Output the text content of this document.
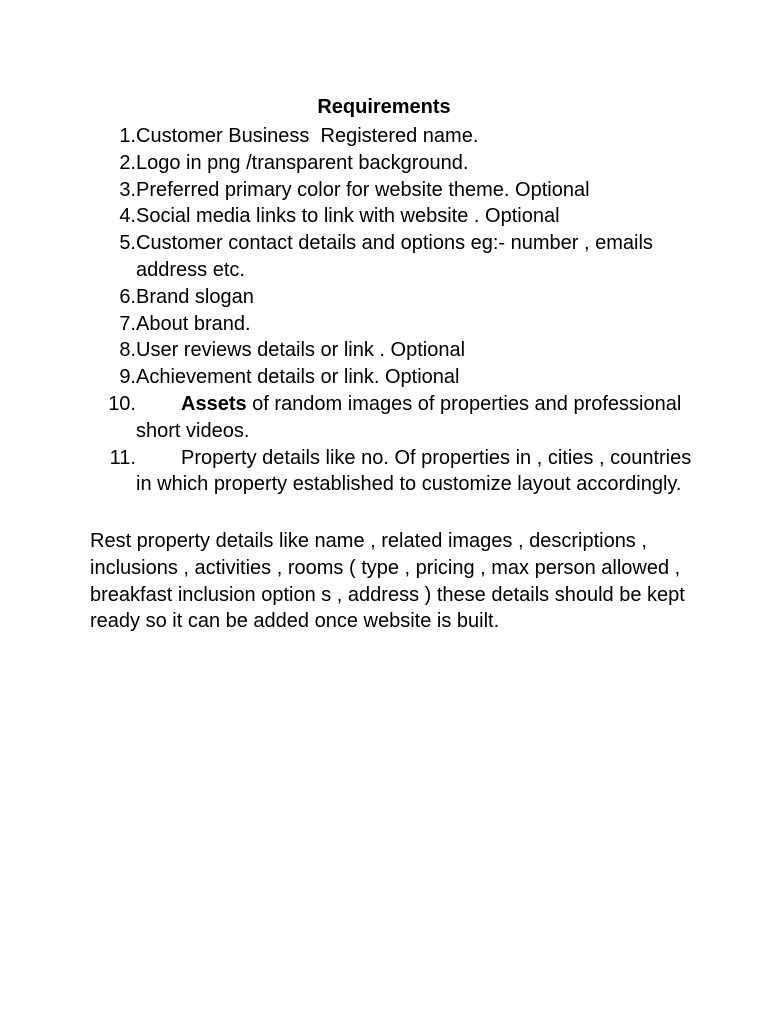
Requirements
1. Customer Business  Registered name.
2. Logo in png /transparent background.
3. Preferred primary color for website theme. Optional
4. Social media links to link with website . Optional
5. Customer contact details and options eg:- number , emails address etc.
6. Brand slogan
7. About brand.
8. User reviews details or link . Optional
9. Achievement details or link. Optional
10.	Assets of random images of properties and professional short videos.
11.	Property details like no. Of properties in , cities , countries in which property established to customize layout accordingly.

Rest property details like name , related images , descriptions , inclusions , activities , rooms ( type , pricing , max person allowed , breakfast inclusion option s , address ) these details should be kept ready so it can be added once website is built.
